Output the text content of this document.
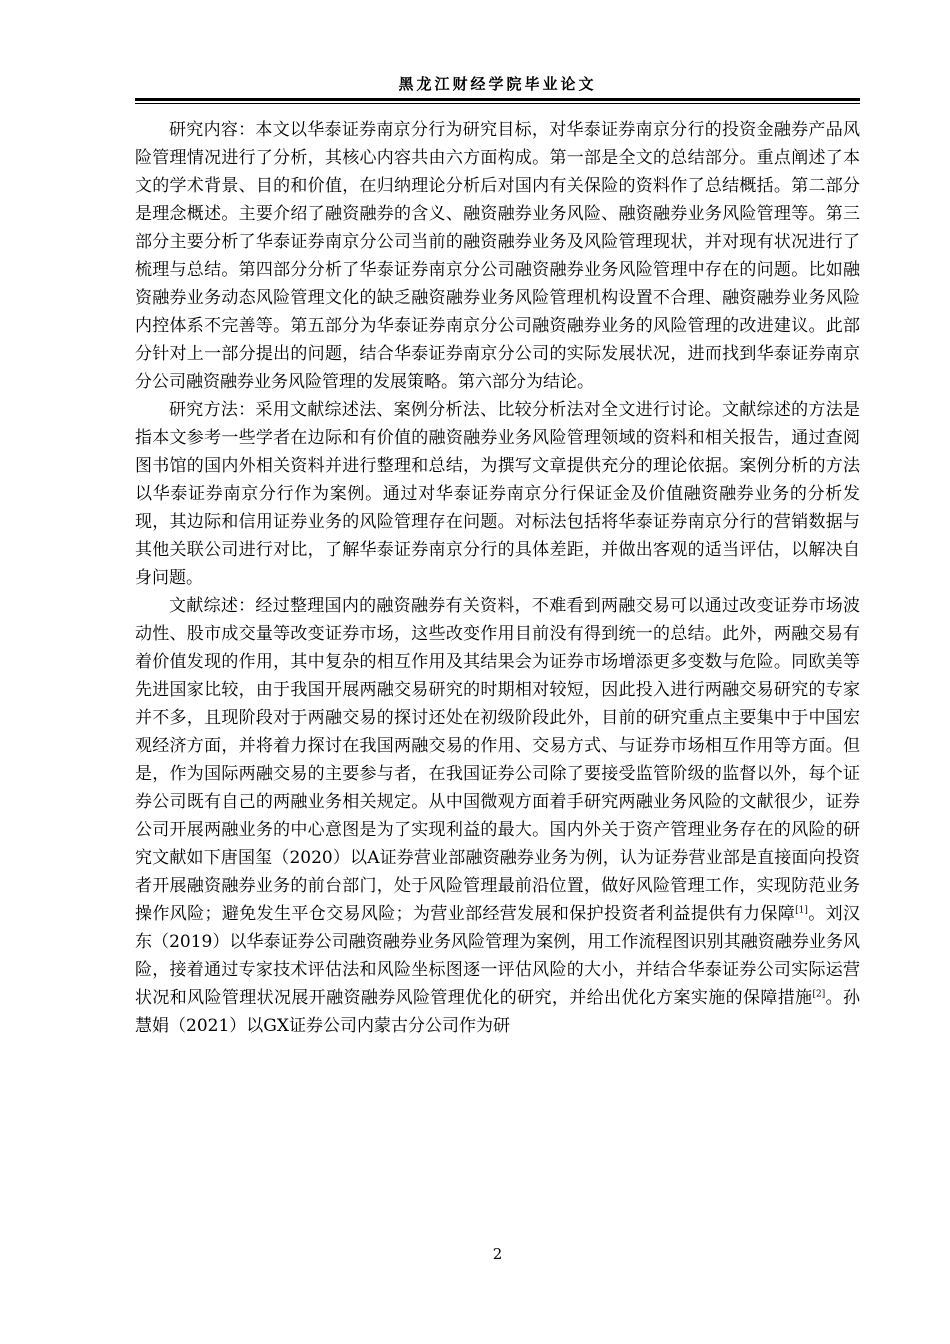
黑龙江财经学院毕业论文

研究内容：本文以华泰证券南京分行为研究目标，对华泰证券南京分行的投资金融券产品风险管理情况进行了分析，其核心内容共由六方面构成。第一部是全文的总结部分。重点阐述了本文的学术背景、目的和价值，在归纳理论分析后对国内有关保险的资料作了总结概括。第二部分是理念概述。主要介绍了融资融券的含义、融资融券业务风险、融资融券业务风险管理等。第三部分主要分析了华泰证券南京分公司当前的融资融券业务及风险管理现状，并对现有状况进行了梳理与总结。第四部分分析了华泰证券南京分公司融资融券业务风险管理中存在的问题。比如融资融券业务动态风险管理文化的缺乏融资融券业务风险管理机构设置不合理、融资融券业务风险内控体系不完善等。第五部分为华泰证券南京分公司融资融券业务的风险管理的改进建议。此部分针对上一部分提出的问题，结合华泰证券南京分公司的实际发展状况，进而找到华泰证券南京分公司融资融券业务风险管理的发展策略。第六部分为结论。

研究方法：采用文献综述法、案例分析法、比较分析法对全文进行讨论。文献综述的方法是指本文参考一些学者在边际和有价值的融资融券业务风险管理领域的资料和相关报告，通过查阅图书馆的国内外相关资料并进行整理和总结，为撰写文章提供充分的理论依据。案例分析的方法以华泰证券南京分行作为案例。通过对华泰证券南京分行保证金及价值融资融券业务的分析发现，其边际和信用证券业务的风险管理存在问题。对标法包括将华泰证券南京分行的营销数据与其他关联公司进行对比，了解华泰证券南京分行的具体差距，并做出客观的适当评估，以解决自身问题。

文献综述：经过整理国内的融资融券有关资料，不难看到两融交易可以通过改变证券市场波动性、股市成交量等改变证券市场，这些改变作用目前没有得到统一的总结。此外，两融交易有着价值发现的作用，其中复杂的相互作用及其结果会为证券市场增添更多变数与危险。同欧美等先进国家比较，由于我国开展两融交易研究的时期相对较短，因此投入进行两融交易研究的专家并不多，且现阶段对于两融交易的探讨还处在初级阶段此外，目前的研究重点主要集中于中国宏观经济方面，并将着力探讨在我国两融交易的作用、交易方式、与证券市场相互作用等方面。但是，作为国际两融交易的主要参与者，在我国证券公司除了要接受监管阶级的监督以外，每个证券公司既有自己的两融业务相关规定。从中国微观方面着手研究两融业务风险的文献很少，证券公司开展两融业务的中心意图是为了实现利益的最大。国内外关于资产管理业务存在的风险的研究文献如下唐国玺（2020）以A证券营业部融资融券业务为例，认为证券营业部是直接面向投资者开展融资融券业务的前台部门，处于风险管理最前沿位置，做好风险管理工作，实现防范业务操作风险；避免发生平仓交易风险；为营业部经营发展和保护投资者利益提供有力保障[1]。刘汉东（2019）以华泰证券公司融资融券业务风险管理为案例，用工作流程图识别其融资融券业务风险，接着通过专家技术评估法和风险坐标图逐一评估风险的大小，并结合华泰证券公司实际运营状况和风险管理状况展开融资融券风险管理优化的研究，并给出优化方案实施的保障措施[2]。孙慧娟（2021）以GX证券公司内蒙古分公司作为研

2
